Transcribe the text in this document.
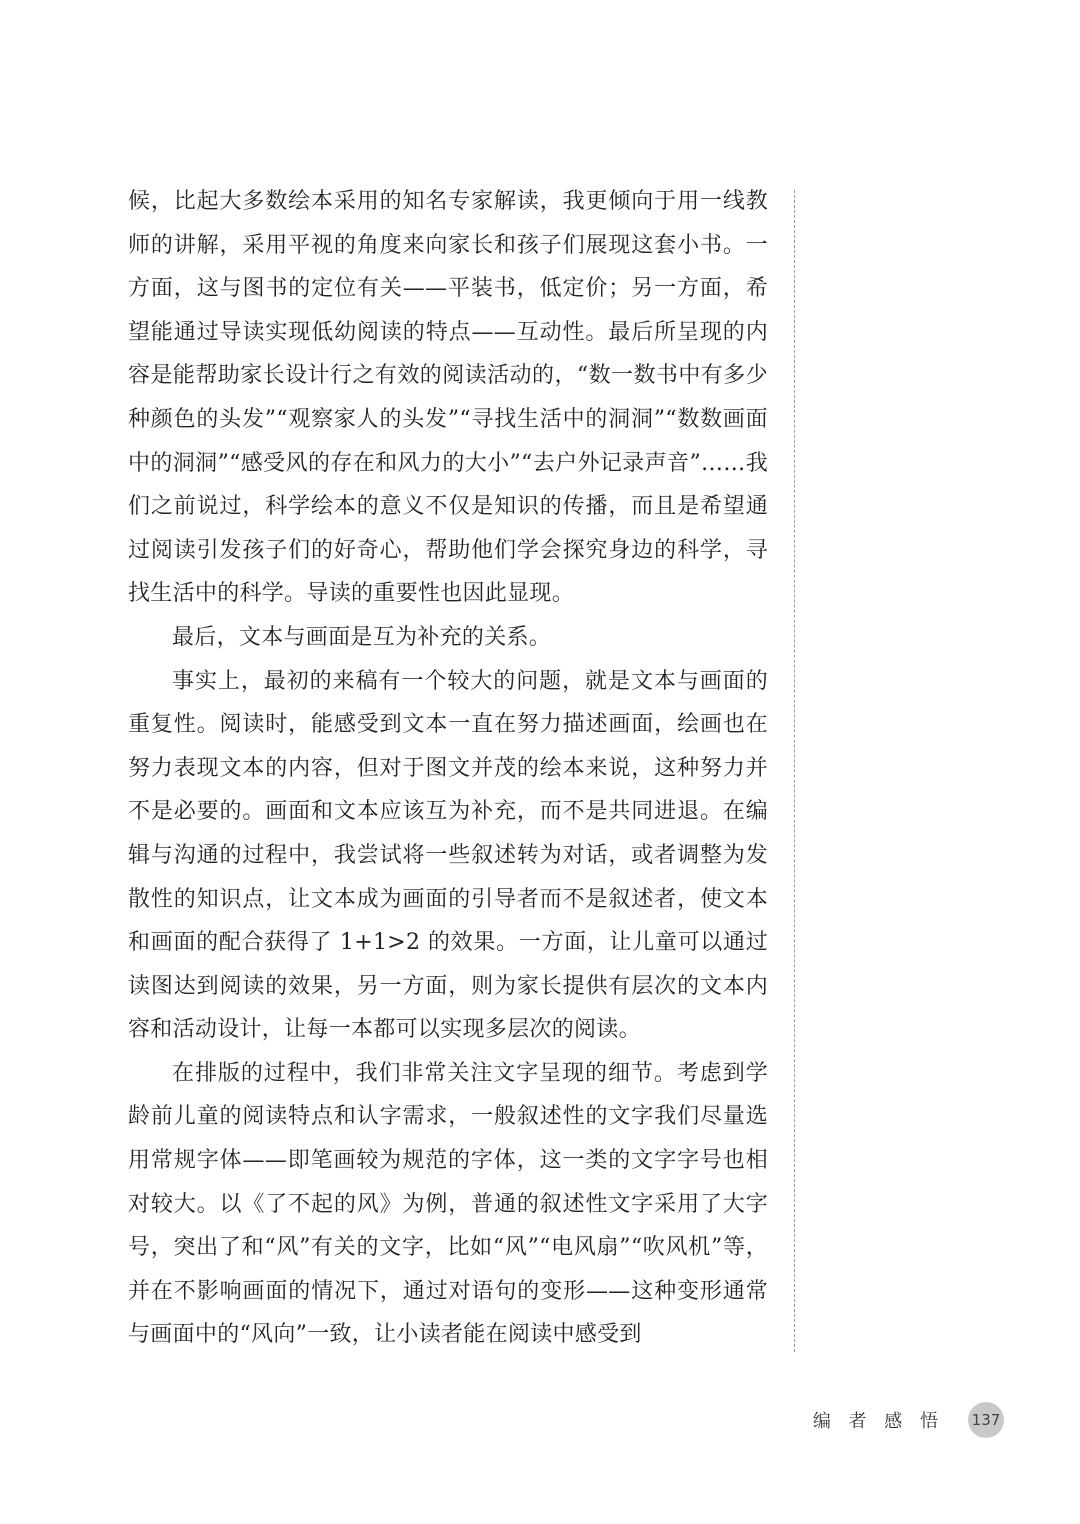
候，比起大多数绘本采用的知名专家解读，我更倾向于用一线教师的讲解，采用平视的角度来向家长和孩子们展现这套小书。一方面，这与图书的定位有关——平装书，低定价；另一方面，希望能通过导读实现低幼阅读的特点——互动性。最后所呈现的内容是能帮助家长设计行之有效的阅读活动的，“数一数书中有多少种颜色的头发”“观察家人的头发”“寻找生活中的洞洞”“数数画面中的洞洞”“感受风的存在和风力的大小”“去户外记录声音”……我们之前说过，科学绘本的意义不仅是知识的传播，而且是希望通过阅读引发孩子们的好奇心，帮助他们学会探究身边的科学，寻找生活中的科学。导读的重要性也因此显现。

最后，文本与画面是互为补充的关系。

事实上，最初的来稿有一个较大的问题，就是文本与画面的重复性。阅读时，能感受到文本一直在努力描述画面，绘画也在努力表现文本的内容，但对于图文并茂的绘本来说，这种努力并不是必要的。画面和文本应该互为补充，而不是共同进退。在编辑与沟通的过程中，我尝试将一些叙述转为对话，或者调整为发散性的知识点，让文本成为画面的引导者而不是叙述者，使文本和画面的配合获得了 1+1>2 的效果。一方面，让儿童可以通过读图达到阅读的效果，另一方面，则为家长提供有层次的文本内容和活动设计，让每一本都可以实现多层次的阅读。

在排版的过程中，我们非常关注文字呈现的细节。考虑到学龄前儿童的阅读特点和认字需求，一般叙述性的文字我们尽量选用常规字体——即笔画较为规范的字体，这一类的文字字号也相对较大。以《了不起的风》为例，普通的叙述性文字采用了大字号，突出了和“风”有关的文字，比如“风”“电风扇”“吹风机”等，并在不影响画面的情况下，通过对语句的变形——这种变形通常与画面中的“风向”一致，让小读者能在阅读中感受到

编 者 感 悟 137
